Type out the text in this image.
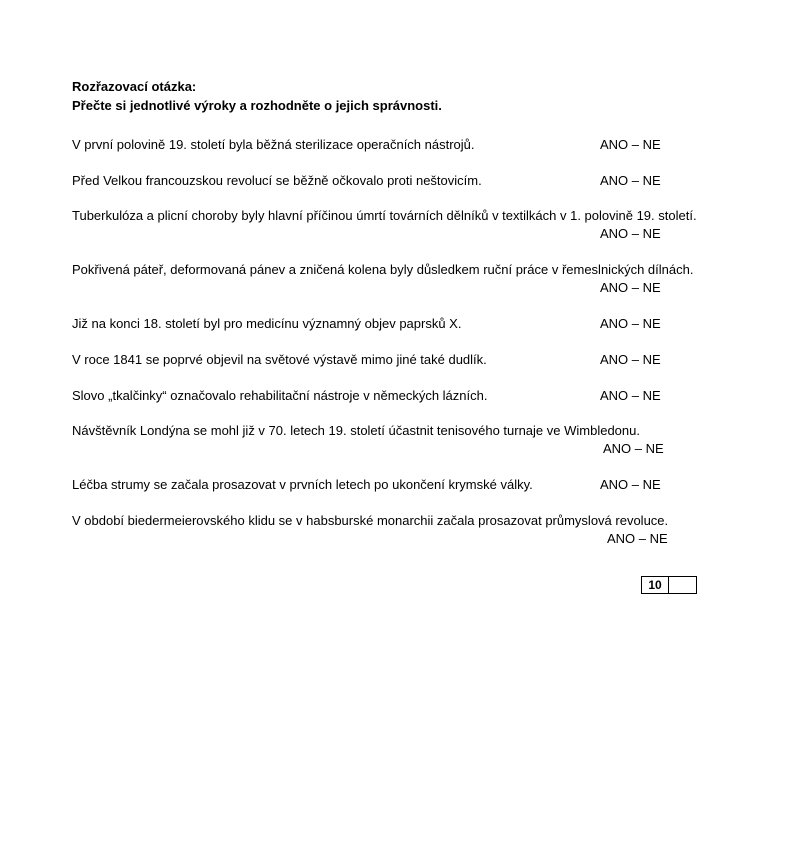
Rozřazovací otázka:
Přečte si jednotlivé výroky a rozhodněte o jejich správnosti.
V první polovině 19. století byla běžná sterilizace operačních nástrojů.	ANO – NE
Před Velkou francouzskou revolucí se běžně očkovalo proti neštovicím.	ANO – NE
Tuberkulóza a plicní choroby byly hlavní příčinou úmrtí továrních dělníků v textilkách v 1. polovině 19. století.
ANO – NE
Pokřivená páteř, deformovaná pánev a zničená kolena byly důsledkem ruční práce v řemeslnických dílnách.
ANO – NE
Již na konci 18. století byl pro medicínu významný objev paprsků X.	ANO – NE
V roce 1841 se poprvé objevil na světové výstavě mimo jiné také dudlík.	ANO – NE
Slovo „tkalčinky“ označovalo rehabilitační nástroje v německých lázních.	ANO – NE
Návštěvník Londýna se mohl již v 70. letech 19. století účastnit tenisového turnaje ve Wimbledonu.
ANO – NE
Léčba strumy se začala prosazovat v prvních letech po ukončení krymské války.	ANO – NE
V období biedermeierovského klidu se v habsburské monarchii začala prosazovat průmyslová revoluce.
ANO – NE
10
